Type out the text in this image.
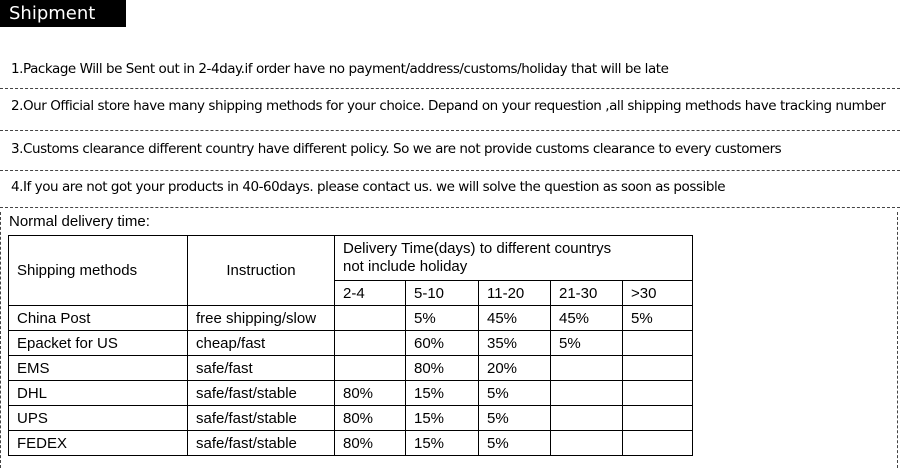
Shipment
1.Package Will be Sent out in 2-4day.if order have no payment/address/customs/holiday that will be late
2.Our Official store have many shipping methods for your choice. Depand on your requestion ,all shipping methods have tracking number
3.Customs clearance different country have different policy. So we are not provide customs clearance to every customers
4.If you are not got your products in 40-60days. please contact us. we will solve the question as soon as possible
Normal delivery time:
Shipping methods	Instruction	Delivery Time(days) to different countrys not include holiday				
		2-4	5-10	11-20	21-30	>30
China Post	free shipping/slow		5%	45%	45%	5%
Epacket for US	cheap/fast		60%	35%	5%	
EMS	safe/fast		80%	20%		
DHL	safe/fast/stable	80%	15%	5%		
UPS	safe/fast/stable	80%	15%	5%		
FEDEX	safe/fast/stable	80%	15%	5%		
